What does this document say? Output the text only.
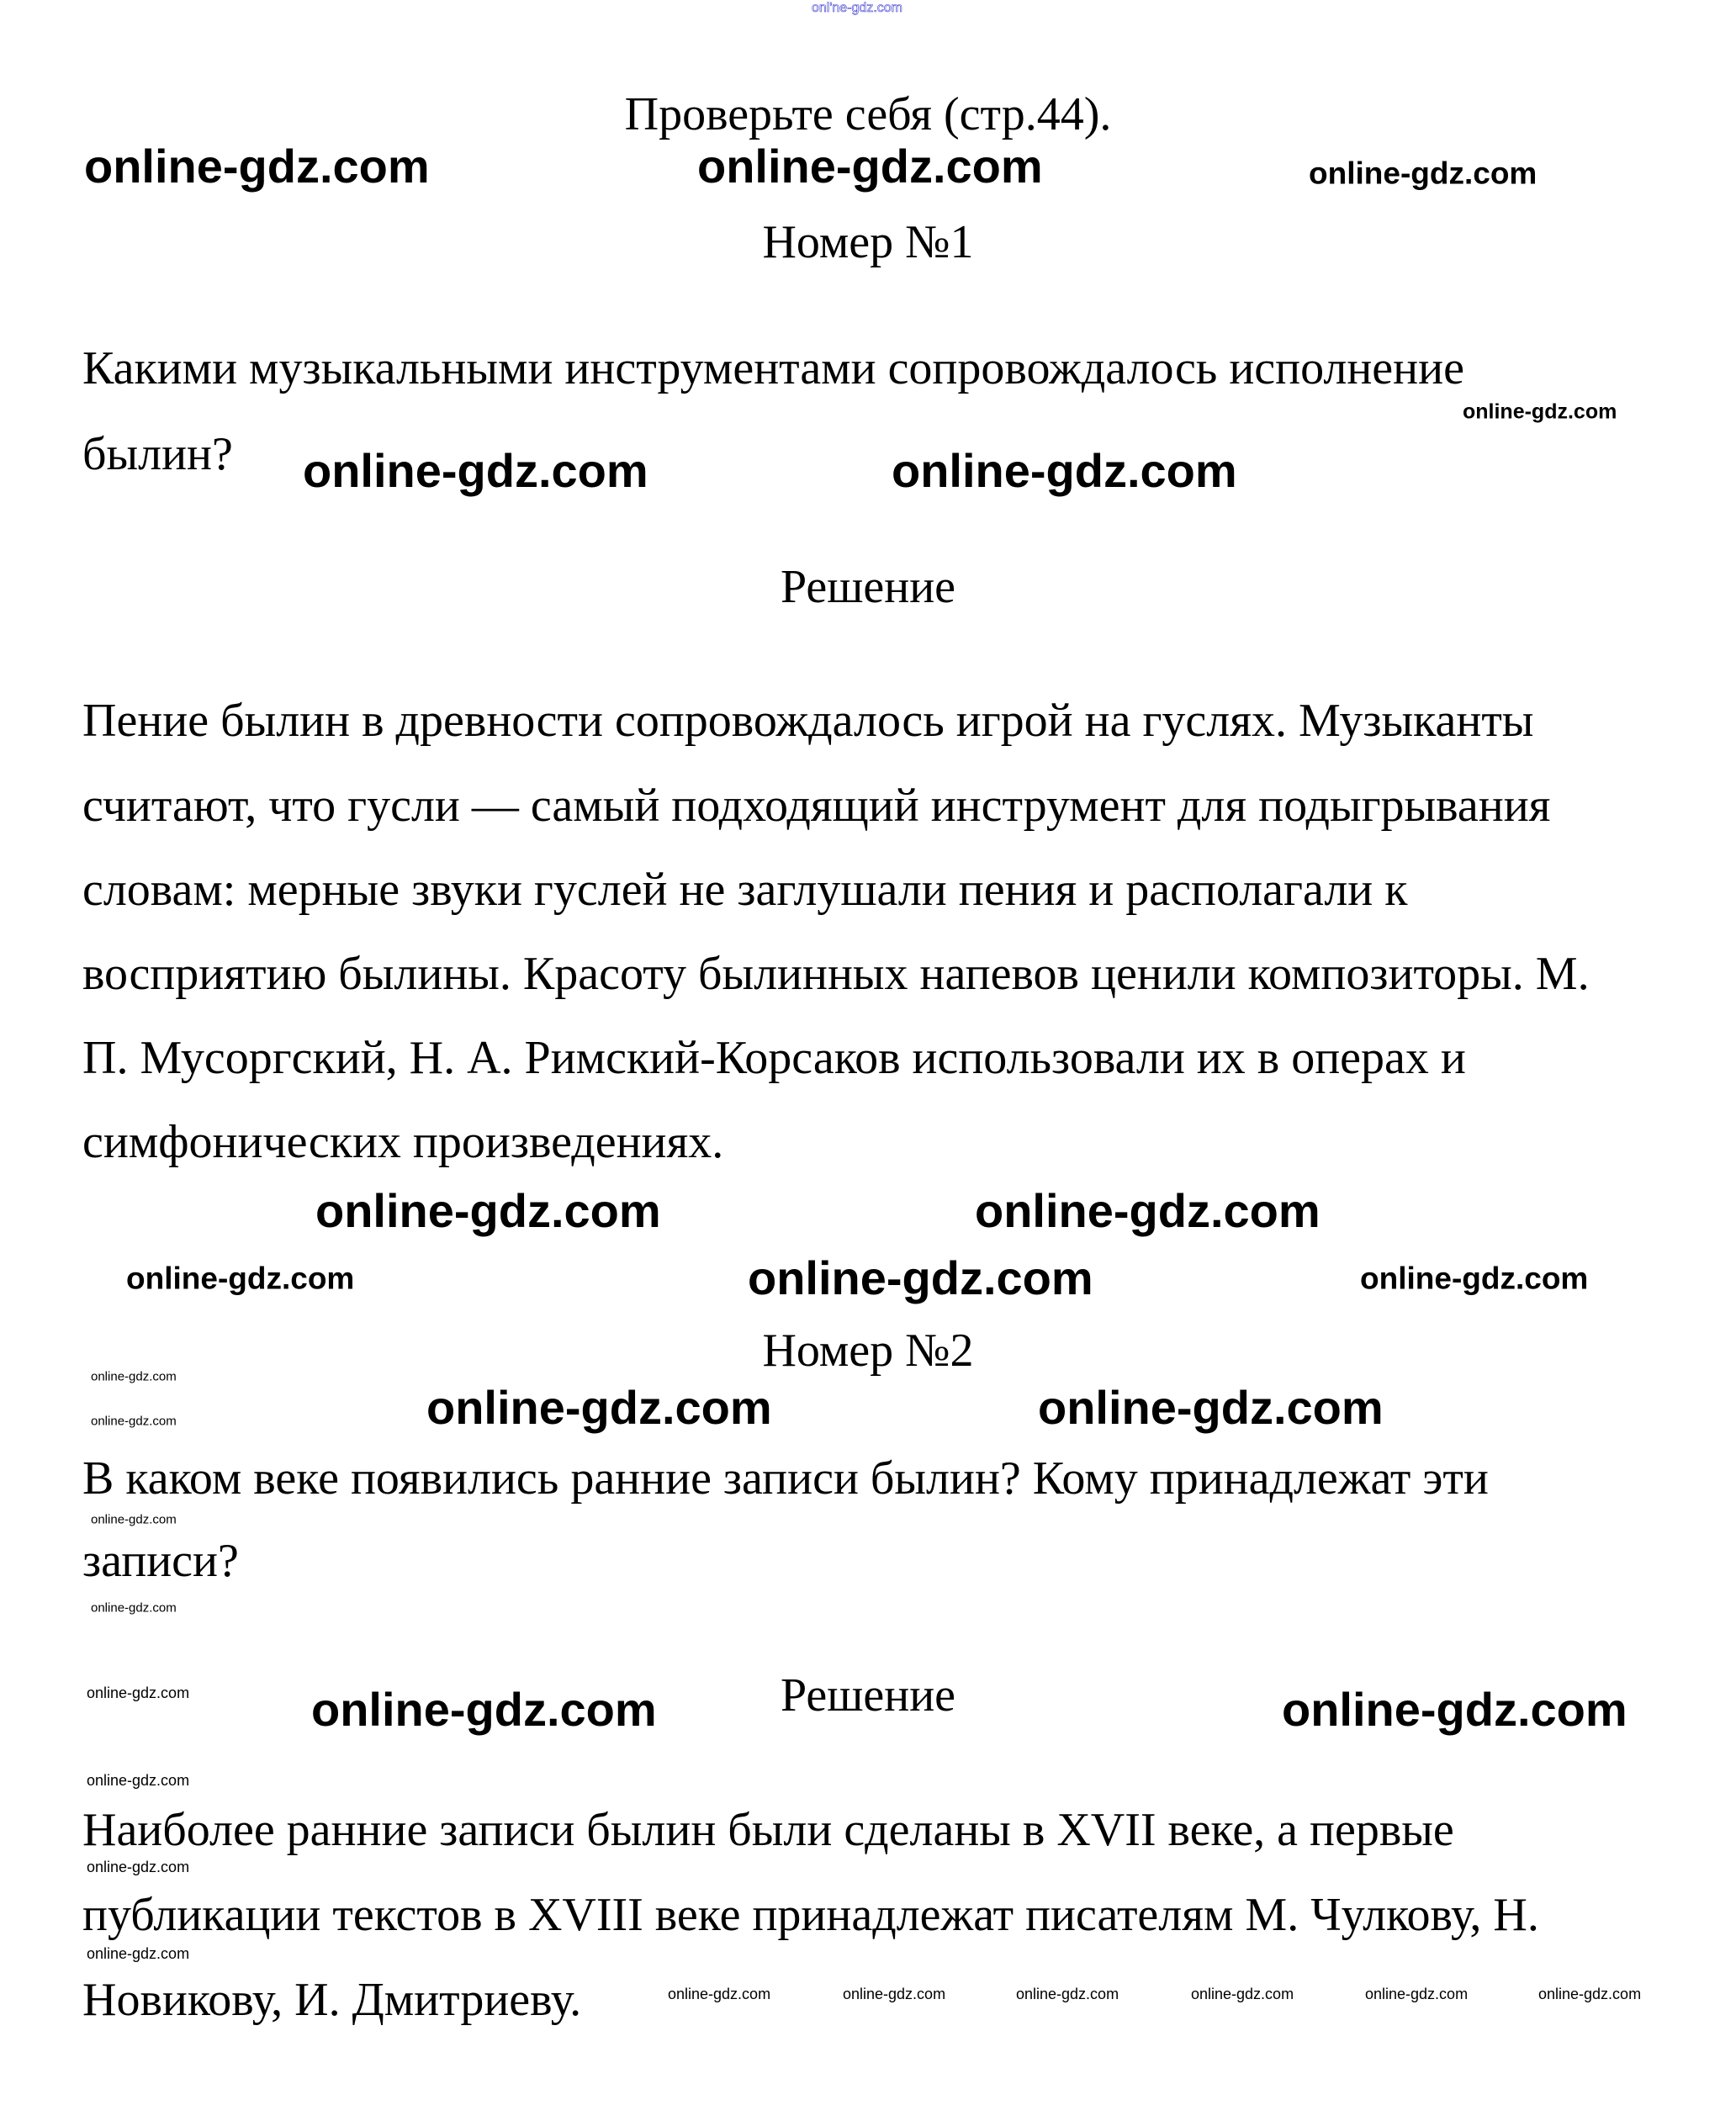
onl'ne-gdz.com
Проверьте себя (стр.44).
Номер №1
Какими музыкальными инструментами сопровождалось исполнение
былин?
Решение
Пение былин в древности сопровождалось игрой на гуслях. Музыканты
считают, что гусли — самый подходящий инструмент для подыгрывания
словам: мерные звуки гуслей не заглушали пения и располагали к
восприятию былины. Красоту былинных напевов ценили композиторы. М.
П. Мусоргский, Н. А. Римский-Корсаков использовали их в операх и
симфонических произведениях.
Номер №2
В каком веке появились ранние записи былин? Кому принадлежат эти
записи?
Решение
Наиболее ранние записи былин были сделаны в XVII веке, а первые
публикации текстов в XVIII веке принадлежат писателям М. Чулкову, Н.
Новикову, И. Дмитриеву.
online-gdz.com	online-gdz.com	online-gdz.com
online-gdz.com
online-gdz.com	online-gdz.com
online-gdz.com	online-gdz.com
online-gdz.com	online-gdz.com	online-gdz.com
online-gdz.com
online-gdz.com
online-gdz.com
online-gdz.com
online-gdz.com	online-gdz.com
online-gdz.com
online-gdz.com
online-gdz.com
online-gdz.com
online-gdz.com	online-gdz.com
online-gdz.com	online-gdz.com	online-gdz.com	online-gdz.com	online-gdz.com	online-gdz.com
